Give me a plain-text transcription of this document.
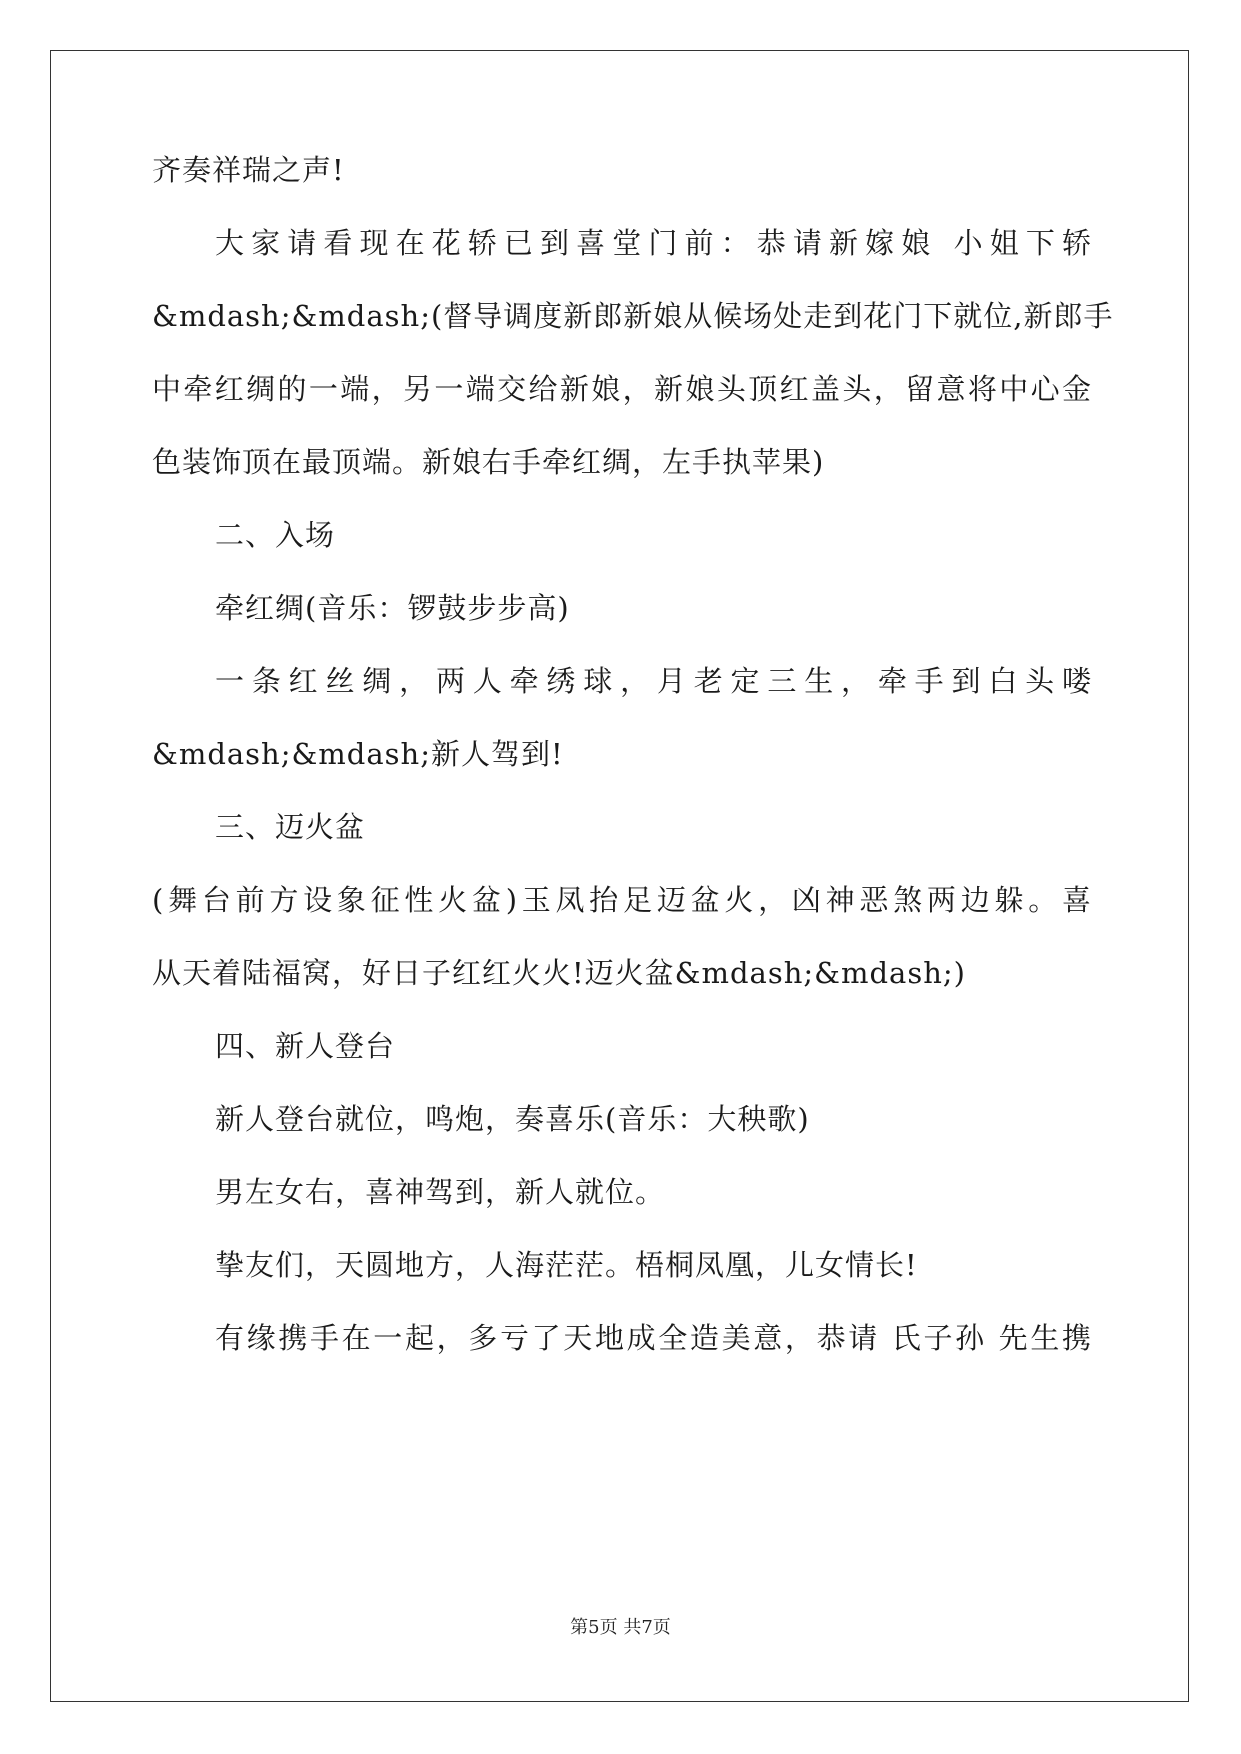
齐奏祥瑞之声!
大家请看现在花轿已到喜堂门前：恭请新嫁娘 小姐下轿
&mdash;&mdash;(督导调度新郎新娘从候场处走到花门下就位,新郎手
中牵红绸的一端，另一端交给新娘，新娘头顶红盖头，留意将中心金
色装饰顶在最顶端。新娘右手牵红绸，左手执苹果)
二、入场
牵红绸(音乐：锣鼓步步高)
一条红丝绸，两人牵绣球，月老定三生，牵手到白头喽
&mdash;&mdash;新人驾到!
三、迈火盆
(舞台前方设象征性火盆)玉凤抬足迈盆火，凶神恶煞两边躲。喜
从天着陆福窝，好日子红红火火!迈火盆&mdash;&mdash;)
四、新人登台
新人登台就位，鸣炮，奏喜乐(音乐：大秧歌)
男左女右，喜神驾到，新人就位。
挚友们，天圆地方，人海茫茫。梧桐凤凰，儿女情长!
有缘携手在一起，多亏了天地成全造美意，恭请 氏子孙 先生携
第5页 共7页
